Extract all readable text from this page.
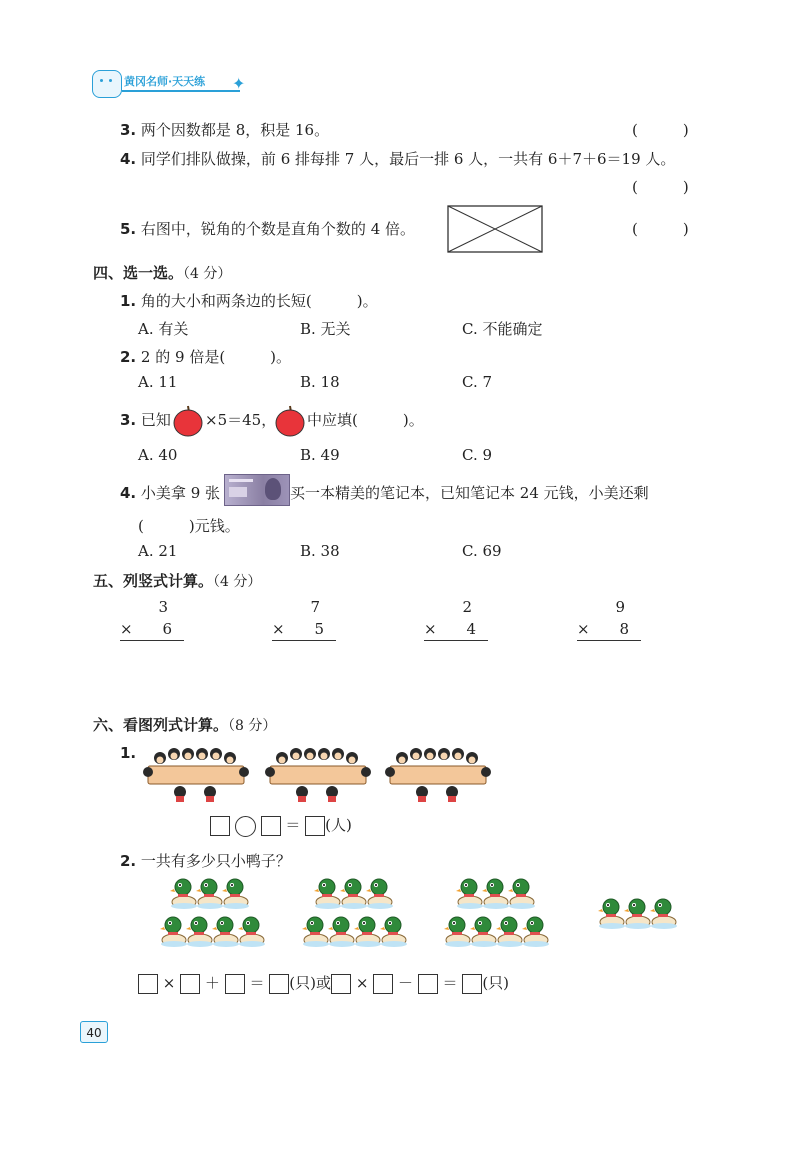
黄冈名师·天天练 ✦
3. 两个因数都是 8，积是 16。	(　　　)
4. 同学们排队做操，前 6 排每排 7 人，最后一排 6 人，一共有 6＋7＋6＝19 人。
(　　　)
5. 右图中，锐角的个数是直角个数的 4 倍。	(　　　)
四、选一选。（4 分）
1. 角的大小和两条边的长短(　　　)。
A. 有关	B. 无关	C. 不能确定
2. 2 的 9 倍是(　　　)。
A. 11	B. 18	C. 7
3. 已知 ×5＝45， 中应填(　　　)。
A. 40	B. 49	C. 9
4. 小美拿 9 张	买一本精美的笔记本，已知笔记本 24 元钱，小美还剩
(　　　)元钱。
A. 21	B. 38	C. 69
五、列竖式计算。（4 分）
3
× 6

7
× 5

2
× 4

9
× 8

六、看图列式计算。（8 分）
1.
＝ (人)
2. 一共有多少只小鸭子？
× ＋ ＝ (只)或 × － ＝ (只)
40
